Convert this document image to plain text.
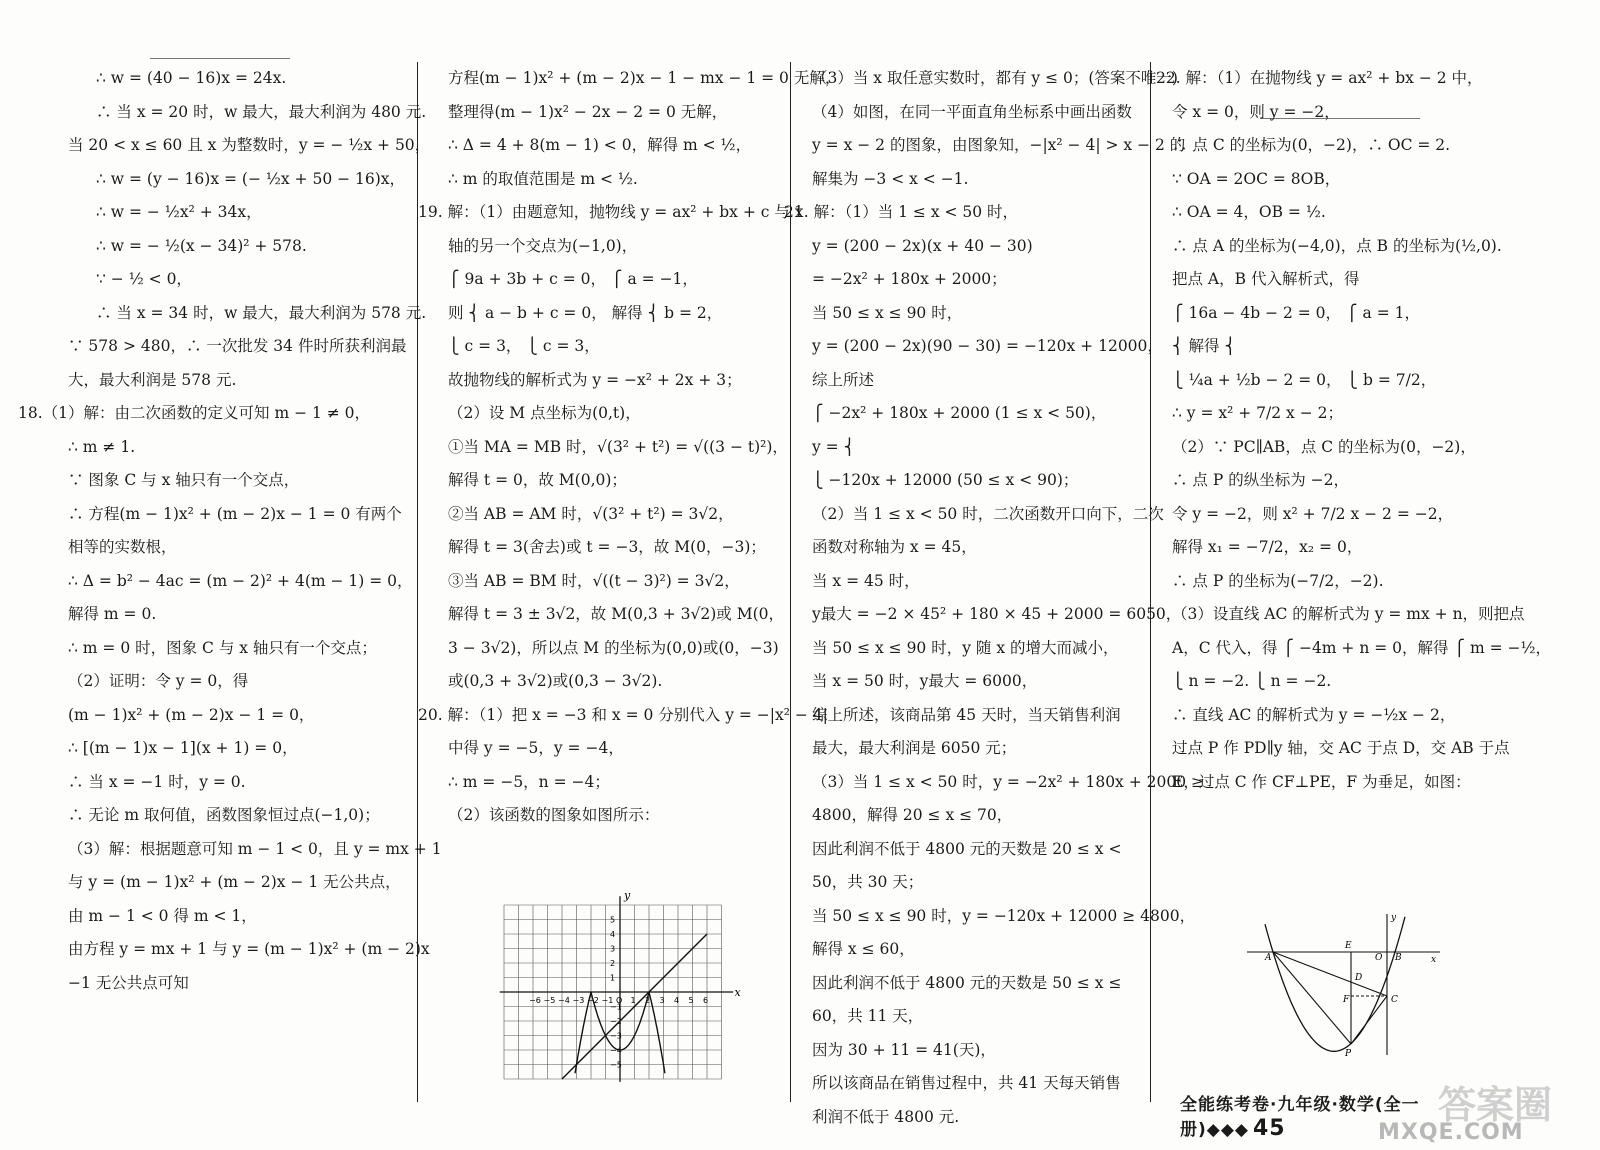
∴ w = (40 − 16)x = 24x.
∴ 当 x = 20 时，w 最大，最大利润为 480 元.
当 20 < x ≤ 60 且 x 为整数时，y = − ½x + 50，
∴ w = (y − 16)x = (− ½x + 50 − 16)x，
∴ w = − ½x² + 34x，
∴ w = − ½(x − 34)² + 578.
∵ − ½ < 0，
∴ 当 x = 34 时，w 最大，最大利润为 578 元.
∵ 578 > 480，∴ 一次批发 34 件时所获利润最
大，最大利润是 578 元.
18.（1）解：由二次函数的定义可知 m − 1 ≠ 0，
∴ m ≠ 1.
∵ 图象 C 与 x 轴只有一个交点，
∴ 方程(m − 1)x² + (m − 2)x − 1 = 0 有两个
相等的实数根，
∴ Δ = b² − 4ac = (m − 2)² + 4(m − 1) = 0，
解得 m = 0.
∴ m = 0 时，图象 C 与 x 轴只有一个交点；
（2）证明：令 y = 0，得
(m − 1)x² + (m − 2)x − 1 = 0，
∴ [(m − 1)x − 1](x + 1) = 0，
∴ 当 x = −1 时，y = 0.
∴ 无论 m 取何值，函数图象恒过点(−1,0)；
（3）解：根据题意可知 m − 1 < 0，且 y = mx + 1
与 y = (m − 1)x² + (m − 2)x − 1 无公共点，
由 m − 1 < 0 得 m < 1，
由方程 y = mx + 1 与 y = (m − 1)x² + (m − 2)x
−1 无公共点可知
方程(m − 1)x² + (m − 2)x − 1 − mx − 1 = 0 无解，
整理得(m − 1)x² − 2x − 2 = 0 无解，
∴ Δ = 4 + 8(m − 1) < 0，解得 m < ½，
∴ m 的取值范围是 m < ½.
19. 解：（1）由题意知，抛物线 y = ax² + bx + c 与 x
轴的另一个交点为(−1,0)，
⎧ 9a + 3b + c = 0， ⎧ a = −1，
则 ⎨ a − b + c = 0， 解得 ⎨ b = 2，
⎩ c = 3， ⎩ c = 3，
故抛物线的解析式为 y = −x² + 2x + 3；
（2）设 M 点坐标为(0,t)，
①当 MA = MB 时，√(3² + t²) = √((3 − t)²)，
解得 t = 0，故 M(0,0)；
②当 AB = AM 时，√(3² + t²) = 3√2，
解得 t = 3(舍去)或 t = −3，故 M(0，−3)；
③当 AB = BM 时，√((t − 3)²) = 3√2，
解得 t = 3 ± 3√2，故 M(0,3 + 3√2)或 M(0，
3 − 3√2)，所以点 M 的坐标为(0,0)或(0，−3)
或(0,3 + 3√2)或(0,3 − 3√2).
20. 解：（1）把 x = −3 和 x = 0 分别代入 y = −|x² − 4|
中得 y = −5，y = −4，
∴ m = −5，n = −4；
（2）该函数的图象如图所示：
−6 −5 −4 −3 −2 −1 O 1 2 3 4 5 6
5
4
3
2
1
−1
−2
−3
−4
−5
x
y
（3）当 x 取任意实数时，都有 y ≤ 0；(答案不唯一)
（4）如图，在同一平面直角坐标系中画出函数
y = x − 2 的图象，由图象知，−|x² − 4| > x − 2 的
解集为 −3 < x < −1.
21. 解：（1）当 1 ≤ x < 50 时，
y = (200 − 2x)(x + 40 − 30)
= −2x² + 180x + 2000；
当 50 ≤ x ≤ 90 时，
y = (200 − 2x)(90 − 30) = −120x + 12000，
综上所述
⎧ −2x² + 180x + 2000 (1 ≤ x < 50)，
y = ⎨
⎩ −120x + 12000 (50 ≤ x < 90)；
（2）当 1 ≤ x < 50 时，二次函数开口向下，二次
函数对称轴为 x = 45，
当 x = 45 时，
y最大 = −2 × 45² + 180 × 45 + 2000 = 6050，
当 50 ≤ x ≤ 90 时，y 随 x 的增大而减小，
当 x = 50 时，y最大 = 6000，
综上所述，该商品第 45 天时，当天销售利润
最大，最大利润是 6050 元；
（3）当 1 ≤ x < 50 时，y = −2x² + 180x + 2000 ≥
4800，解得 20 ≤ x ≤ 70，
因此利润不低于 4800 元的天数是 20 ≤ x <
50，共 30 天；
当 50 ≤ x ≤ 90 时，y = −120x + 12000 ≥ 4800，
解得 x ≤ 60，
因此利润不低于 4800 元的天数是 50 ≤ x ≤
60，共 11 天，
因为 30 + 11 = 41(天)，
所以该商品在销售过程中，共 41 天每天销售
利润不低于 4800 元.
22. 解：（1）在抛物线 y = ax² + bx − 2 中，
令 x = 0，则 y = −2，
∴ 点 C 的坐标为(0，−2)，∴ OC = 2.
∵ OA = 2OC = 8OB，
∴ OA = 4，OB = ½.
∴ 点 A 的坐标为(−4,0)，点 B 的坐标为(½,0).
把点 A，B 代入解析式，得
⎧ 16a − 4b − 2 = 0， ⎧ a = 1，
⎨ 解得 ⎨
⎩ ¼a + ½b − 2 = 0， ⎩ b = 7/2，
∴ y = x² + 7/2 x − 2；
（2）∵ PC∥AB，点 C 的坐标为(0，−2)，
∴ 点 P 的纵坐标为 −2，
令 y = −2，则 x² + 7/2 x − 2 = −2，
解得 x₁ = −7/2，x₂ = 0，
∴ 点 P 的坐标为(−7/2，−2).
（3）设直线 AC 的解析式为 y = mx + n，则把点
A，C 代入，得 ⎧ −4m + n = 0，解得 ⎧ m = −½，
⎩ n = −2. ⎩ n = −2.
∴ 直线 AC 的解析式为 y = −½x − 2，
过点 P 作 PD∥y 轴，交 AC 于点 D，交 AB 于点
E，过点 C 作 CF⊥PE，F 为垂足，如图：
A
E
O B
D
F	C
P
x
y
全能练考卷·九年级·数学(全一册)◆◆◆ 45
答案圈
MXQE.COM
